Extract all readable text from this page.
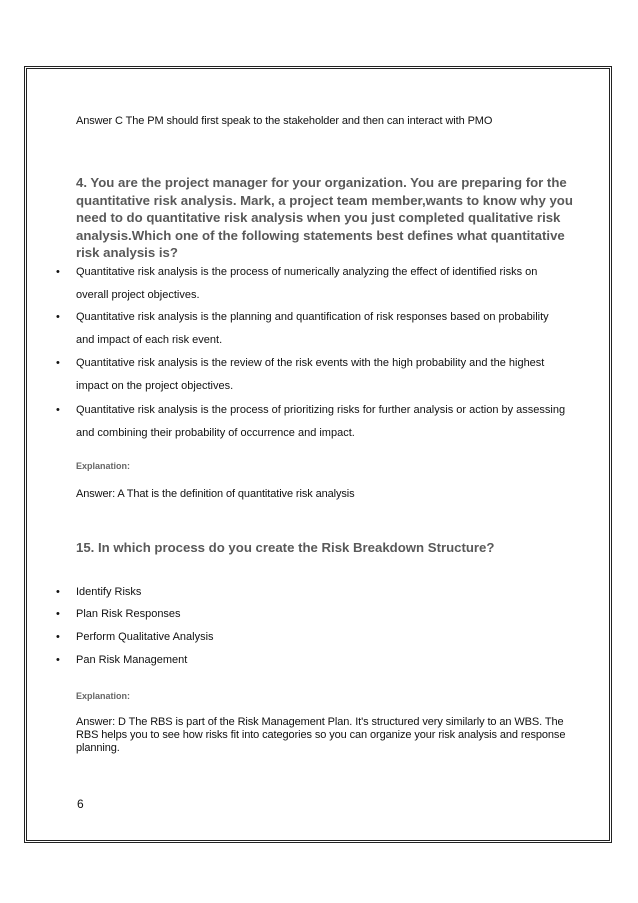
Answer C The PM should first speak to the stakeholder and then can interact with PMO
4. You are the project manager for your organization. You are preparing for the
quantitative risk analysis. Mark, a project team member,wants to know why you
need to do quantitative risk analysis when you just completed qualitative risk
analysis.Which one of the following statements best defines what quantitative
risk analysis is?
• Quantitative risk analysis is the process of numerically analyzing the effect of identified risks on
overall project objectives.
• Quantitative risk analysis is the planning and quantification of risk responses based on probability
and impact of each risk event.
• Quantitative risk analysis is the review of the risk events with the high probability and the highest
impact on the project objectives.
• Quantitative risk analysis is the process of prioritizing risks for further analysis or action by assessing
and combining their probability of occurrence and impact.
Explanation:
Answer: A That is the definition of quantitative risk analysis
15. In which process do you create the Risk Breakdown Structure?
• Identify Risks
• Plan Risk Responses
• Perform Qualitative Analysis
• Pan Risk Management
Explanation:
Answer: D The RBS is part of the Risk Management Plan. It's structured very similarly to an WBS. The
RBS helps you to see how risks fit into categories so you can organize your risk analysis and response
planning.
6
